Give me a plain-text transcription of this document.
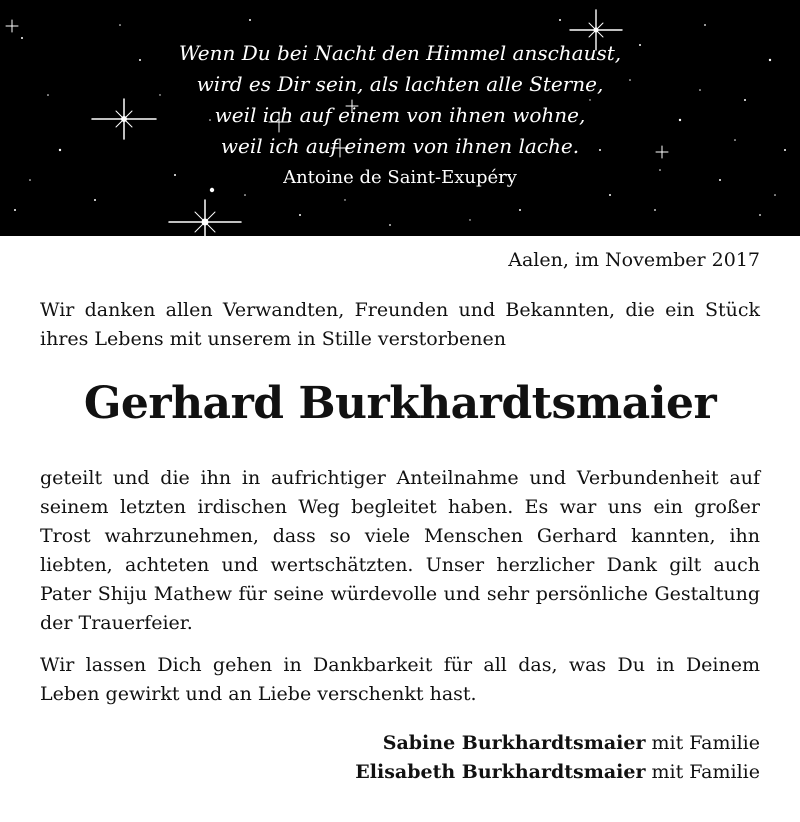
Wenn Du bei Nacht den Himmel anschaust,
wird es Dir sein, als lachten alle Sterne,
weil ich auf einem von ihnen wohne,
weil ich auf einem von ihnen lache.
Antoine de Saint-Exupéry
Aalen, im November 2017
Wir danken allen Verwandten, Freunden und Bekannten, die ein Stück ihres Lebens mit unserem in Stille verstorbenen
Gerhard Burkhardtsmaier
geteilt und die ihn in aufrichtiger Anteilnahme und Verbundenheit auf seinem letzten irdischen Weg begleitet haben. Es war uns ein großer Trost wahrzunehmen, dass so viele Menschen Gerhard kannten, ihn liebten, achteten und wertschätzten. Unser herzlicher Dank gilt auch Pater Shiju Mathew für seine würdevolle und sehr persönliche Gestaltung der Trauerfeier.
Wir lassen Dich gehen in Dankbarkeit für all das, was Du in Deinem Leben gewirkt und an Liebe verschenkt hast.
Sabine Burkhardtsmaier mit Familie
Elisabeth Burkhardtsmaier mit Familie
